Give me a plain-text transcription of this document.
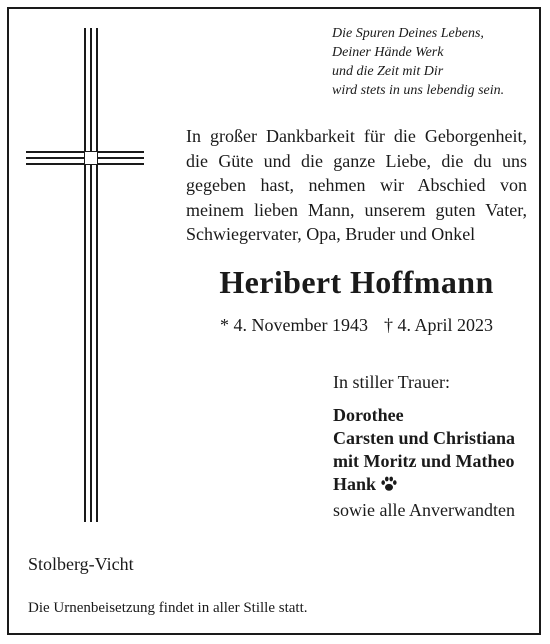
Die Spuren Deines Lebens,
Deiner Hände Werk
und die Zeit mit Dir
wird stets in uns lebendig sein.
In großer Dankbarkeit für die Geborgenheit,
die Güte und die ganze Liebe, die du uns
gegeben hast, nehmen wir Abschied von
meinem lieben Mann, unserem guten Vater,
Schwiegervater, Opa, Bruder und Onkel
Heribert Hoffmann
* 4. November 1943 † 4. April 2023
In stiller Trauer:
Dorothee
Carsten und Christiana
mit Moritz und Matheo
Hank
sowie alle Anverwandten
Stolberg-Vicht
Die Urnenbeisetzung findet in aller Stille statt.
